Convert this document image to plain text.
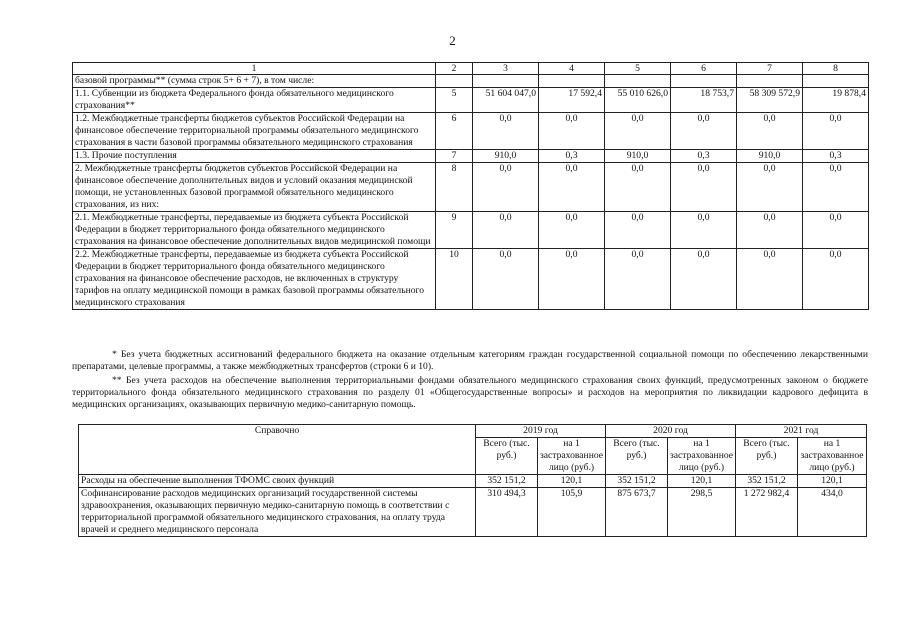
2
1	2	3	4	5	6	7	8
базовой программы** (сумма строк 5+ 6 + 7), в том числе:							
1.1. Субвенции из бюджета Федерального фонда обязательного медицинского страхования**	5	51 604 047,0	17 592,4	55 010 626,0	18 753,7	58 309 572,9	19 878,4
1.2. Межбюджетные трансферты бюджетов субъектов Российской Федерации на финансовое обеспечение территориальной программы обязательного медицинского страхования в части базовой программы обязательного медицинского страхования	6	0,0	0,0	0,0	0,0	0,0	0,0
1.3. Прочие поступления	7	910,0	0,3	910,0	0,3	910,0	0,3
2. Межбюджетные трансферты бюджетов субъектов Российской Федерации на финансовое обеспечение дополнительных видов и условий оказания медицинской помощи, не установленных базовой программой обязательного медицинского страхования, из них:	8	0,0	0,0	0,0	0,0	0,0	0,0
2.1. Межбюджетные трансферты, передаваемые из бюджета субъекта Российской Федерации в бюджет территориального фонда обязательного медицинского страхования на финансовое обеспечение дополнительных видов медицинской помощи	9	0,0	0,0	0,0	0,0	0,0	0,0
2.2. Межбюджетные трансферты, передаваемые из бюджета субъекта Российской Федерации в бюджет территориального фонда обязательного медицинского страхования на финансовое обеспечение расходов, не включенных в структуру тарифов на оплату медицинской помощи в рамках базовой программы обязательного медицинского страхования	10	0,0	0,0	0,0	0,0	0,0	0,0

* Без учета бюджетных ассигнований федерального бюджета на оказание отдельным категориям граждан государственной социальной помощи по обеспечению лекарственными препаратами, целевые программы, а также межбюджетных трансфертов (строки 6 и 10).

** Без учета расходов на обеспечение выполнения территориальными фондами обязательного медицинского страхования своих функций, предусмотренных законом о бюджете территориального фонда обязательного медицинского страхования по разделу 01 «Общегосударственные вопросы» и расходов на мероприятия по ликвидации кадрового дефицита в медицинских организациях, оказывающих первичную медико-санитарную помощь.

Справочно	2019 год		2020 год		2021 год	
	Всего (тыс. руб.)	на 1 застрахованное лицо (руб.)	Всего (тыс. руб.)	на 1 застрахованное лицо (руб.)	Всего (тыс. руб.)	на 1 застрахованное лицо (руб.)
Расходы на обеспечение выполнения ТФОМС своих функций	352 151,2	120,1	352 151,2	120,1	352 151,2	120,1
Софинансирование расходов медицинских организаций государственной системы здравоохранения, оказывающих первичную медико-санитарную помощь в соответствии с территориальной программой обязательного медицинского страхования, на оплату труда врачей и среднего медицинского персонала	310 494,3	105,9	875 673,7	298,5	1 272 982,4	434,0
